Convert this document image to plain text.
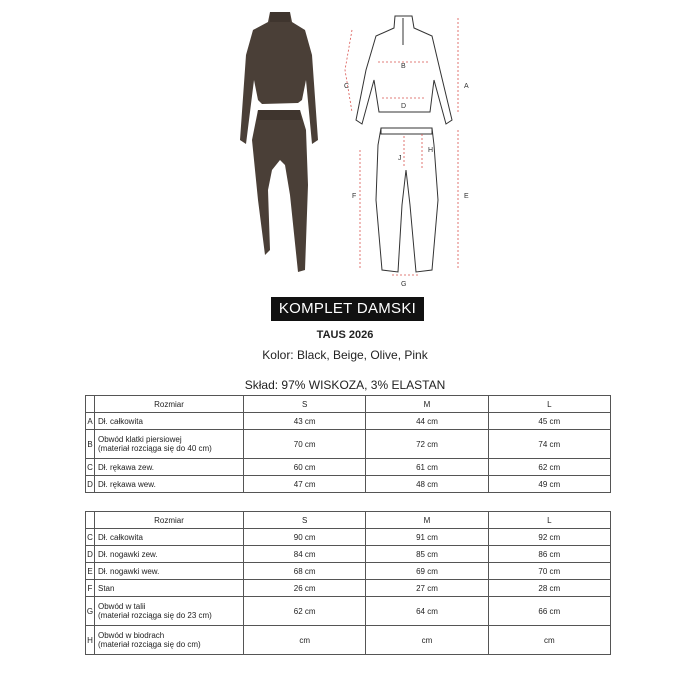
A
B
C
D
E
F
G
H
J
KOMPLET DAMSKI
TAUS 2026
Kolor: Black, Beige, Olive, Pink
Skład: 97% WISKOZA, 3% ELASTAN
	Rozmiar	S	M	L
A	Dł. całkowita	43 cm	44 cm	45 cm
B	Obwód klatki piersiowej
(materiał rozciąga się do 40 cm)	70 cm	72 cm	74 cm
C	Dł. rękawa zew.	60 cm	61 cm	62 cm
D	Dł. rękawa wew.	47 cm	48 cm	49 cm
	Rozmiar	S	M	L
C	Dł. całkowita	90 cm	91 cm	92 cm
D	Dł. nogawki zew.	84 cm	85 cm	86 cm
E	Dł. nogawki wew.	68 cm	69 cm	70 cm
F	Stan	26 cm	27 cm	28 cm
G	Obwód w talii
(materiał rozciąga się do 23 cm)	62 cm	64 cm	66 cm
H	Obwód w biodrach
(materiał rozciąga się do cm)	cm	cm	cm
